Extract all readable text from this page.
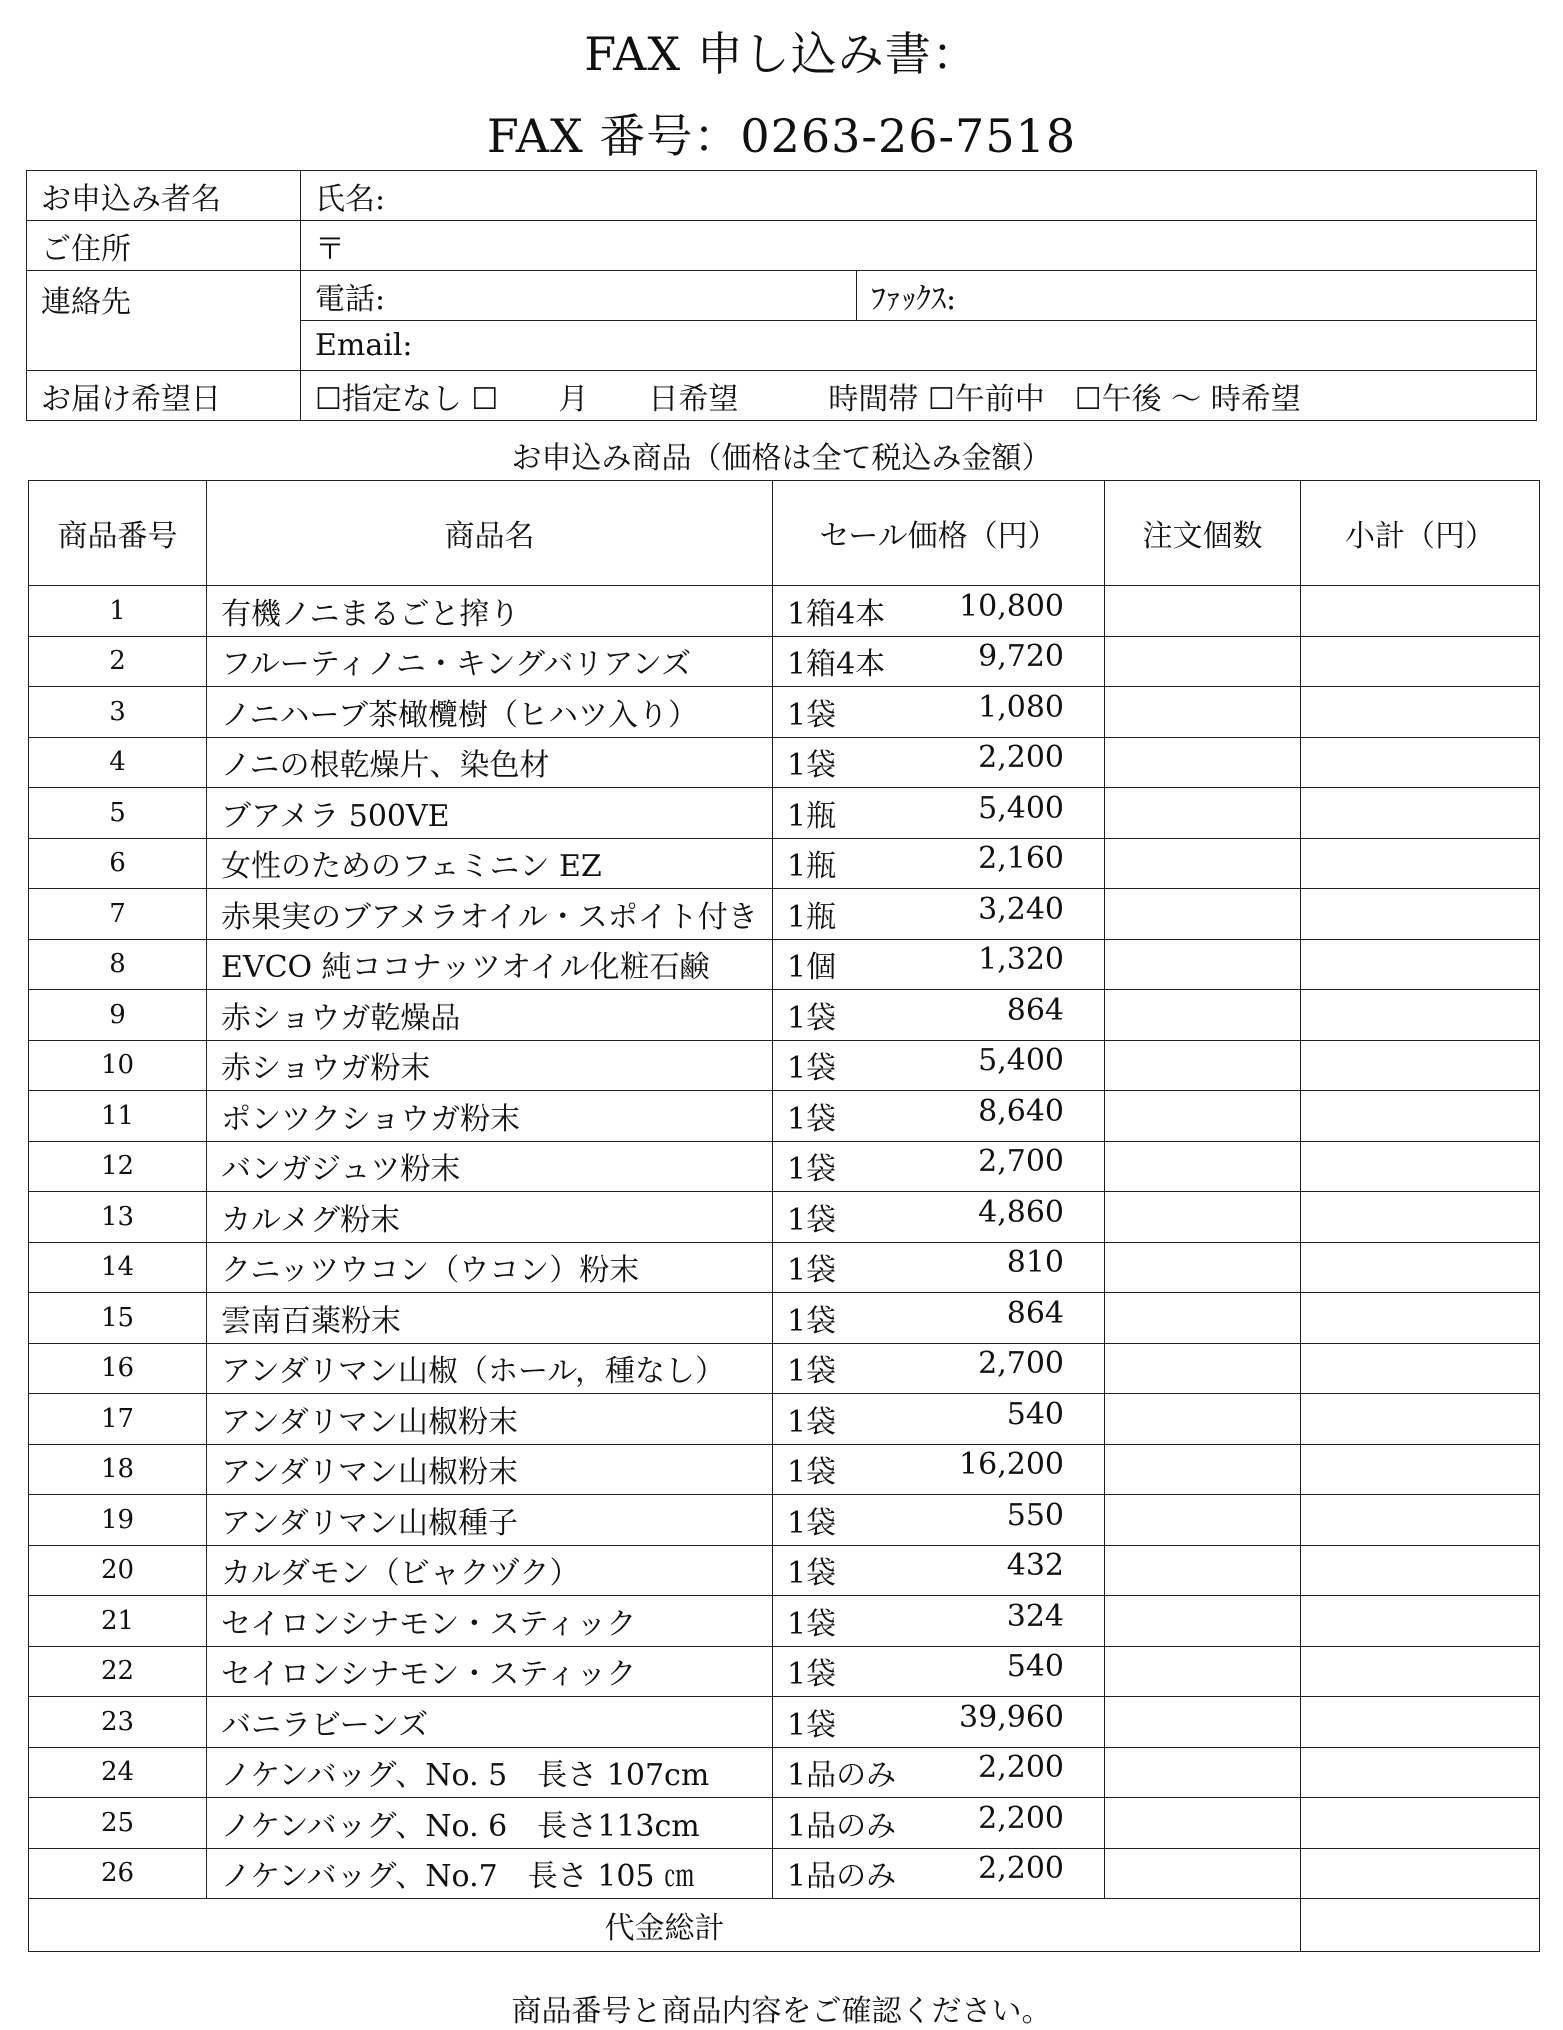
FAX 申し込み書：
FAX 番号：0263-26-7518
お申込み者名	氏名:	
ご住所	〒	
連絡先	電話:	ﾌｧｯｸｽ:
	Email:	
お届け希望日	☐指定なし ☐　　月　　日希望　　　時間帯 ☐午前中　☐午後 ～ 時希望	
お申込み商品（価格は全て税込み金額）
商品番号	商品名	セール価格（円）	注文個数	小計（円）
1	有機ノニまるごと搾り	1箱4本 10,800		

2	フルーティノニ・キングバリアンズ	1箱4本 9,720		

3	ノニハーブ茶橄欖樹（ヒハツ入り）	1袋 1,080		

4	ノニの根乾燥片、染色材	1袋 2,200		

5	ブアメラ 500VE	1瓶 5,400		

6	女性のためのフェミニン EZ	1瓶 2,160		

7	赤果実のブアメラオイル・スポイト付き	1瓶 3,240		

8	EVCO 純ココナッツオイル化粧石鹸	1個 1,320		

9	赤ショウガ乾燥品	1袋 864		

10	赤ショウガ粉末	1袋 5,400		

11	ポンツクショウガ粉末	1袋 8,640		

12	バンガジュツ粉末	1袋 2,700		

13	カルメグ粉末	1袋 4,860		

14	クニッツウコン（ウコン）粉末	1袋 810		

15	雲南百薬粉末	1袋 864		

16	アンダリマン山椒（ホール，種なし）	1袋 2,700		

17	アンダリマン山椒粉末	1袋 540		

18	アンダリマン山椒粉末	1袋 16,200		

19	アンダリマン山椒種子	1袋 550		

20	カルダモン（ビャクヅク）	1袋 432		

21	セイロンシナモン・スティック	1袋 324		

22	セイロンシナモン・スティック	1袋 540		

23	バニラビーンズ	1袋 39,960		

24	ノケンバッグ、No. 5　長さ 107cm	1品のみ 2,200		

25	ノケンバッグ、No. 6　長さ113cm	1品のみ 2,200		

26	ノケンバッグ、No.7　長さ 105 ㎝	1品のみ 2,200		

代金総計				
商品番号と商品内容をご確認ください。
